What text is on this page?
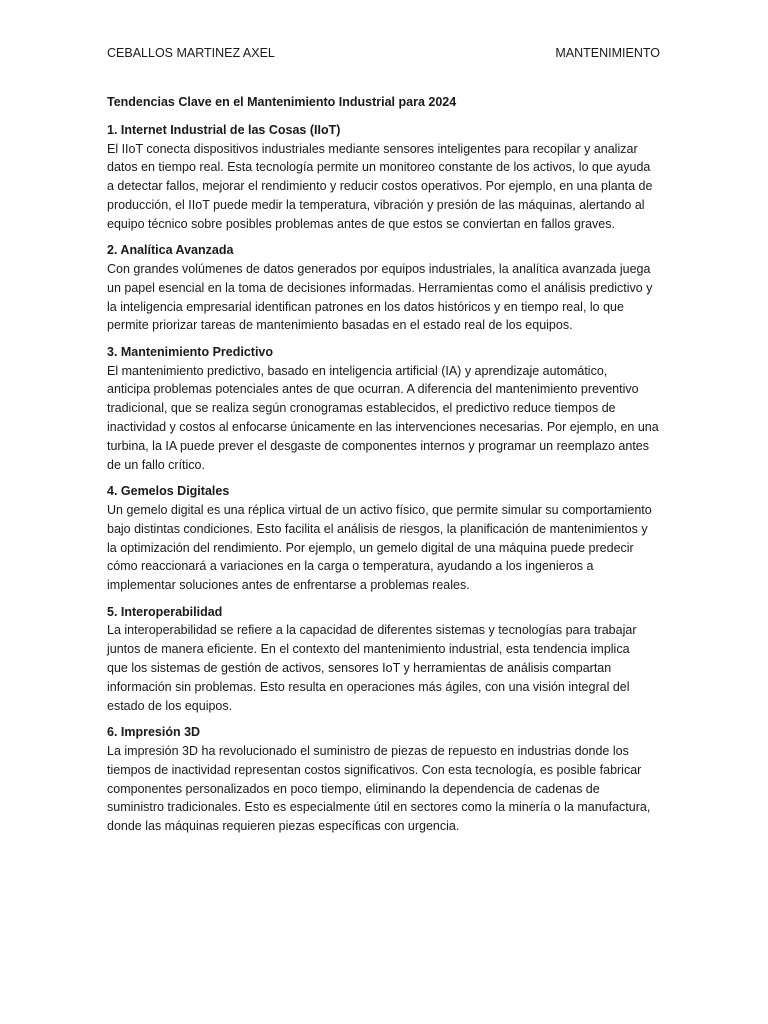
CEBALLOS MARTINEZ AXEL	MANTENIMIENTO
Tendencias Clave en el Mantenimiento Industrial para 2024
1. Internet Industrial de las Cosas (IIoT)
El IIoT conecta dispositivos industriales mediante sensores inteligentes para recopilar y analizar
datos en tiempo real. Esta tecnología permite un monitoreo constante de los activos, lo que ayuda
a detectar fallos, mejorar el rendimiento y reducir costos operativos. Por ejemplo, en una planta de
producción, el IIoT puede medir la temperatura, vibración y presión de las máquinas, alertando al
equipo técnico sobre posibles problemas antes de que estos se conviertan en fallos graves.
2. Analítica Avanzada
Con grandes volúmenes de datos generados por equipos industriales, la analítica avanzada juega
un papel esencial en la toma de decisiones informadas. Herramientas como el análisis predictivo y
la inteligencia empresarial identifican patrones en los datos históricos y en tiempo real, lo que
permite priorizar tareas de mantenimiento basadas en el estado real de los equipos.
3. Mantenimiento Predictivo
El mantenimiento predictivo, basado en inteligencia artificial (IA) y aprendizaje automático,
anticipa problemas potenciales antes de que ocurran. A diferencia del mantenimiento preventivo
tradicional, que se realiza según cronogramas establecidos, el predictivo reduce tiempos de
inactividad y costos al enfocarse únicamente en las intervenciones necesarias. Por ejemplo, en una
turbina, la IA puede prever el desgaste de componentes internos y programar un reemplazo antes
de un fallo crítico.
4. Gemelos Digitales
Un gemelo digital es una réplica virtual de un activo físico, que permite simular su comportamiento
bajo distintas condiciones. Esto facilita el análisis de riesgos, la planificación de mantenimientos y
la optimización del rendimiento. Por ejemplo, un gemelo digital de una máquina puede predecir
cómo reaccionará a variaciones en la carga o temperatura, ayudando a los ingenieros a
implementar soluciones antes de enfrentarse a problemas reales.
5. Interoperabilidad
La interoperabilidad se refiere a la capacidad de diferentes sistemas y tecnologías para trabajar
juntos de manera eficiente. En el contexto del mantenimiento industrial, esta tendencia implica
que los sistemas de gestión de activos, sensores IoT y herramientas de análisis compartan
información sin problemas. Esto resulta en operaciones más ágiles, con una visión integral del
estado de los equipos.
6. Impresión 3D
La impresión 3D ha revolucionado el suministro de piezas de repuesto en industrias donde los
tiempos de inactividad representan costos significativos. Con esta tecnología, es posible fabricar
componentes personalizados en poco tiempo, eliminando la dependencia de cadenas de
suministro tradicionales. Esto es especialmente útil en sectores como la minería o la manufactura,
donde las máquinas requieren piezas específicas con urgencia.
